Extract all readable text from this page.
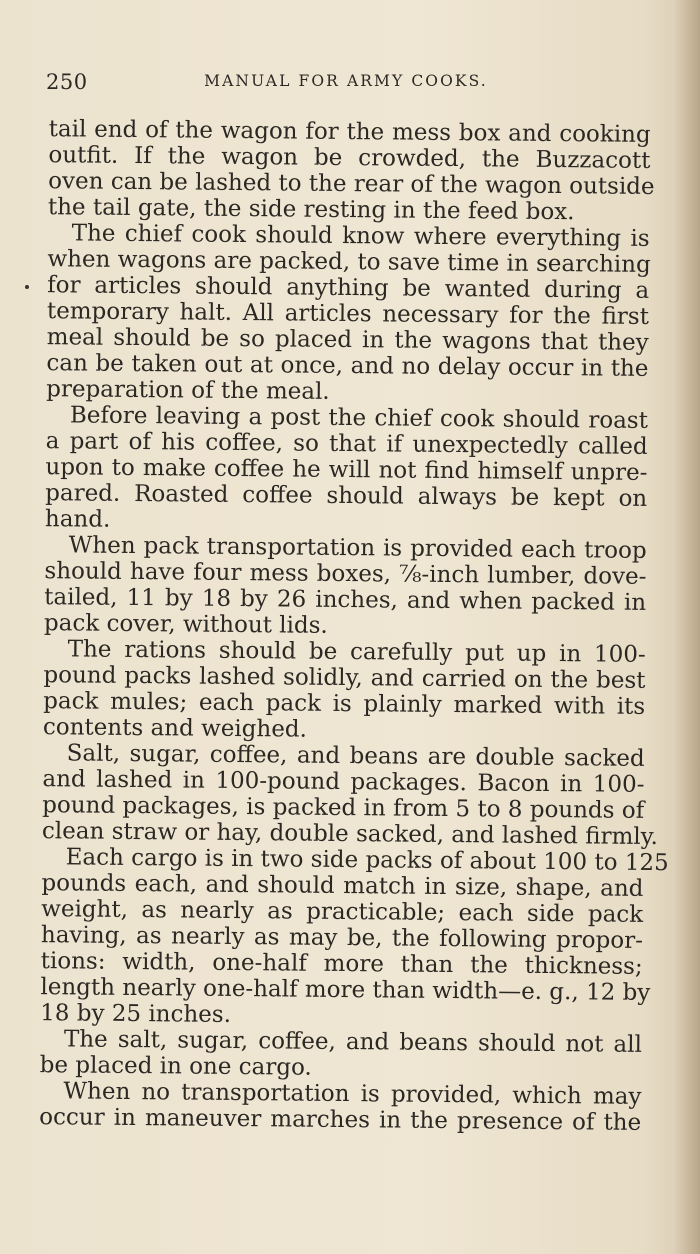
250	MANUAL FOR ARMY COOKS.
tail end of the wagon for the mess box and cooking
outfit. If the wagon be crowded, the Buzzacott
oven can be lashed to the rear of the wagon outside
the tail gate, the side resting in the feed box.
The chief cook should know where everything is
when wagons are packed, to save time in searching
for articles should anything be wanted during a
temporary halt. All articles necessary for the first
meal should be so placed in the wagons that they
can be taken out at once, and no delay occur in the
preparation of the meal.
Before leaving a post the chief cook should roast
a part of his coffee, so that if unexpectedly called
upon to make coffee he will not find himself unpre-
pared. Roasted coffee should always be kept on
hand.
When pack transportation is provided each troop
should have four mess boxes, ⅞-inch lumber, dove-
tailed, 11 by 18 by 26 inches, and when packed in
pack cover, without lids.
The rations should be carefully put up in 100-
pound packs lashed solidly, and carried on the best
pack mules; each pack is plainly marked with its
contents and weighed.
Salt, sugar, coffee, and beans are double sacked
and lashed in 100-pound packages. Bacon in 100-
pound packages, is packed in from 5 to 8 pounds of
clean straw or hay, double sacked, and lashed firmly.
Each cargo is in two side packs of about 100 to 125
pounds each, and should match in size, shape, and
weight, as nearly as practicable; each side pack
having, as nearly as may be, the following propor-
tions: width, one-half more than the thickness;
length nearly one-half more than width—e. g., 12 by
18 by 25 inches.
The salt, sugar, coffee, and beans should not all
be placed in one cargo.
When no transportation is provided, which may
occur in maneuver marches in the presence of the
